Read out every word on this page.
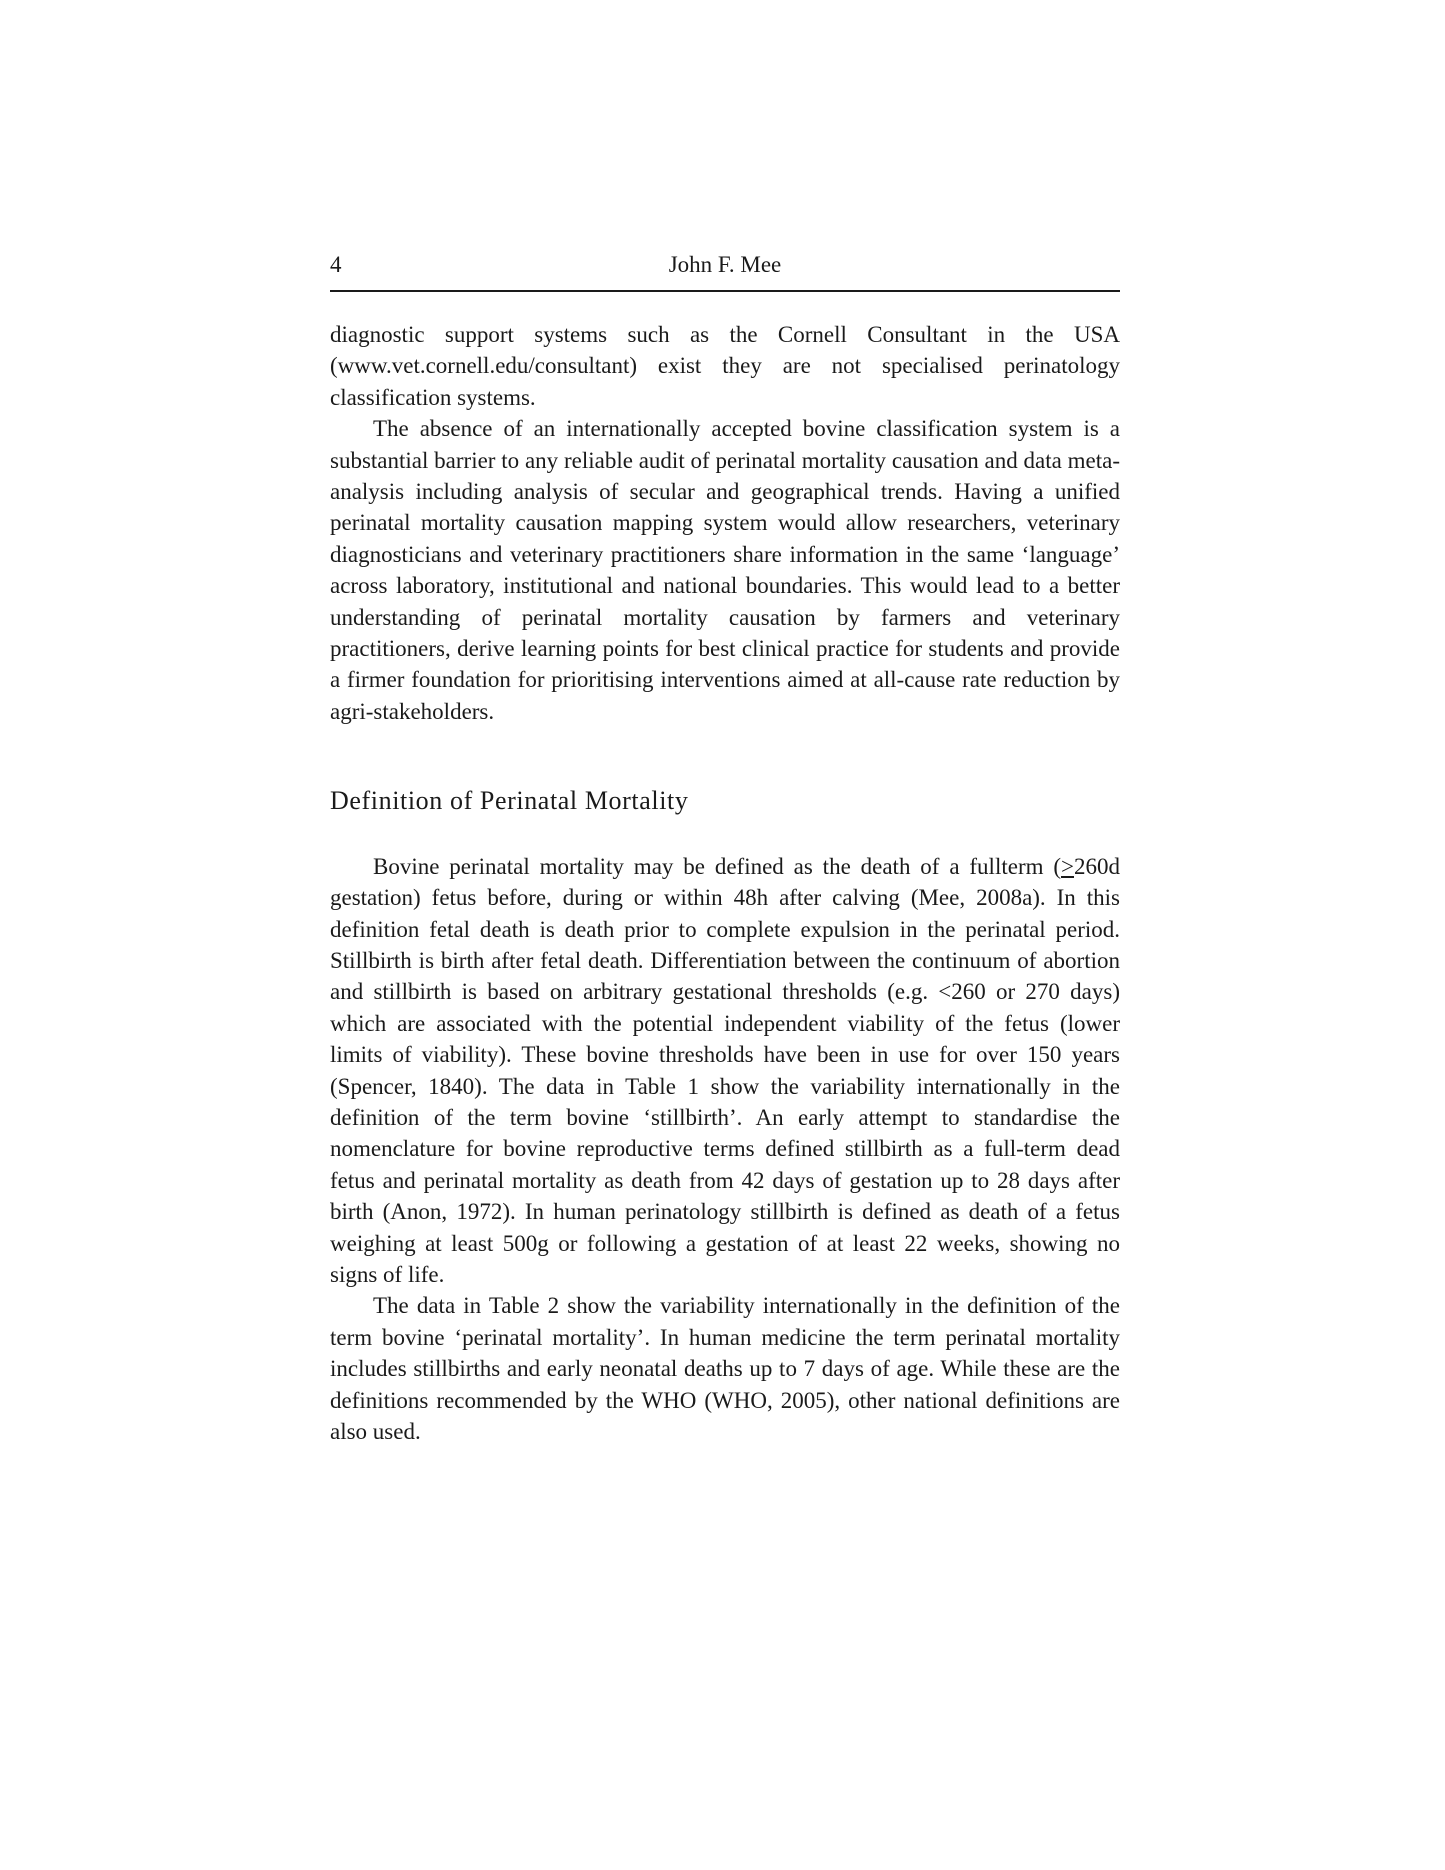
4	John F. Mee

diagnostic support systems such as the Cornell Consultant in the USA (www.vet.cornell.edu/consultant) exist they are not specialised perinatology classification systems.

The absence of an internationally accepted bovine classification system is a substantial barrier to any reliable audit of perinatal mortality causation and data meta-analysis including analysis of secular and geographical trends. Having a unified perinatal mortality causation mapping system would allow researchers, veterinary diagnosticians and veterinary practitioners share information in the same ‘language’ across laboratory, institutional and national boundaries. This would lead to a better understanding of perinatal mortality causation by farmers and veterinary practitioners, derive learning points for best clinical practice for students and provide a firmer foundation for prioritising interventions aimed at all-cause rate reduction by agri-stakeholders.

Definition of Perinatal Mortality

Bovine perinatal mortality may be defined as the death of a fullterm (≥260d gestation) fetus before, during or within 48h after calving (Mee, 2008a). In this definition fetal death is death prior to complete expulsion in the perinatal period. Stillbirth is birth after fetal death. Differentiation between the continuum of abortion and stillbirth is based on arbitrary gestational thresholds (e.g. <260 or 270 days) which are associated with the potential independent viability of the fetus (lower limits of viability). These bovine thresholds have been in use for over 150 years (Spencer, 1840). The data in Table 1 show the variability internationally in the definition of the term bovine ‘stillbirth’. An early attempt to standardise the nomenclature for bovine reproductive terms defined stillbirth as a full-term dead fetus and perinatal mortality as death from 42 days of gestation up to 28 days after birth (Anon, 1972). In human perinatology stillbirth is defined as death of a fetus weighing at least 500g or following a gestation of at least 22 weeks, showing no signs of life.

The data in Table 2 show the variability internationally in the definition of the term bovine ‘perinatal mortality’. In human medicine the term perinatal mortality includes stillbirths and early neonatal deaths up to 7 days of age. While these are the definitions recommended by the WHO (WHO, 2005), other national definitions are also used.
